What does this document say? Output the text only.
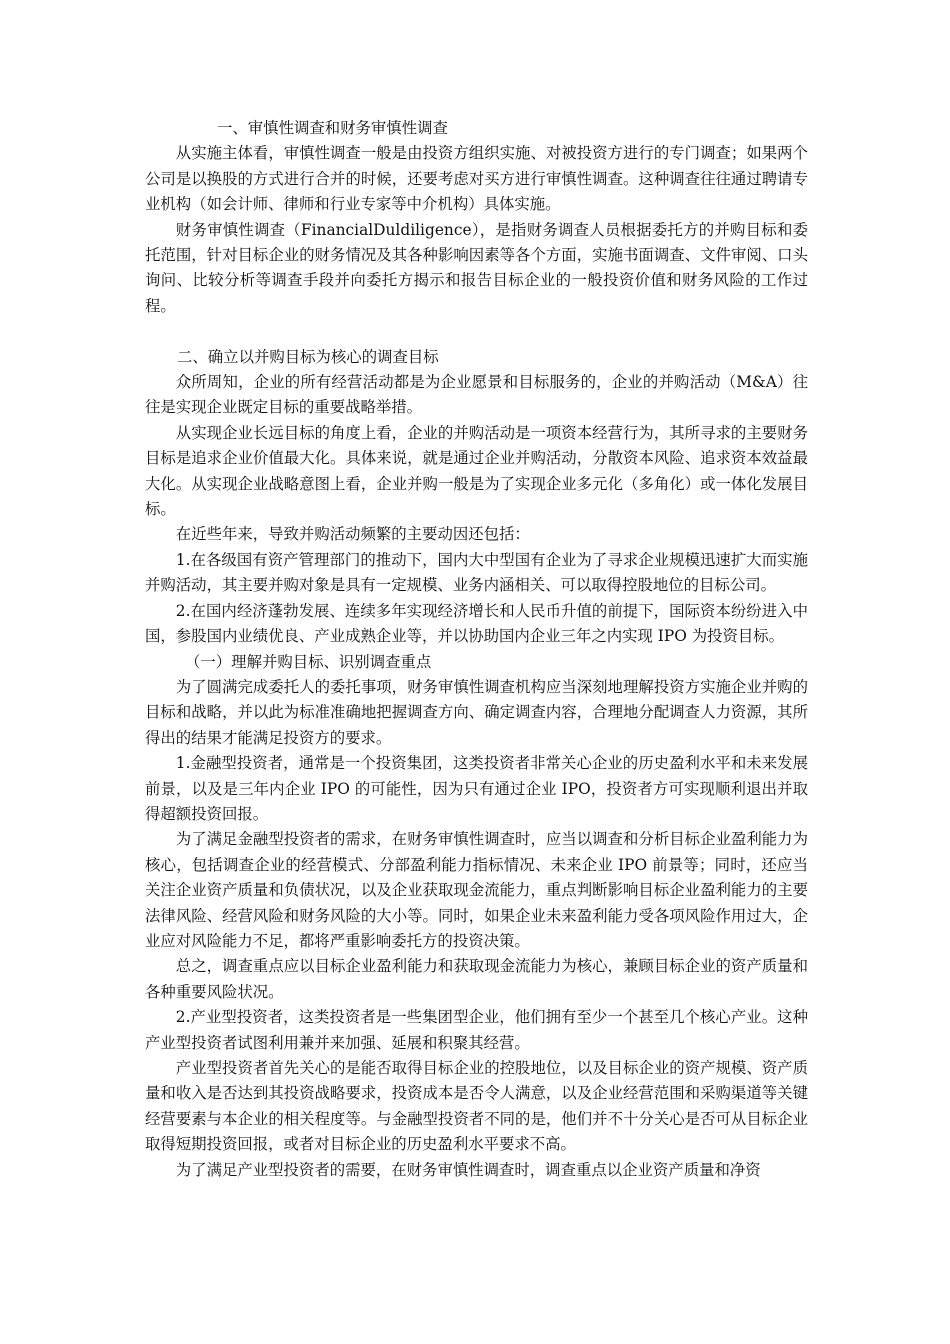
一、审慎性调查和财务审慎性调查

从实施主体看，审慎性调查一般是由投资方组织实施、对被投资方进行的专门调查；如果两个公司是以换股的方式进行合并的时候，还要考虑对买方进行审慎性调查。这种调查往往通过聘请专业机构（如会计师、律师和行业专家等中介机构）具体实施。

财务审慎性调查（FinancialDuldiligence），是指财务调查人员根据委托方的并购目标和委托范围，针对目标企业的财务情况及其各种影响因素等各个方面，实施书面调查、文件审阅、口头询问、比较分析等调查手段并向委托方揭示和报告目标企业的一般投资价值和财务风险的工作过程。

二、确立以并购目标为核心的调查目标

众所周知，企业的所有经营活动都是为企业愿景和目标服务的，企业的并购活动（M&A）往往是实现企业既定目标的重要战略举措。

从实现企业长远目标的角度上看，企业的并购活动是一项资本经营行为，其所寻求的主要财务目标是追求企业价值最大化。具体来说，就是通过企业并购活动，分散资本风险、追求资本效益最大化。从实现企业战略意图上看，企业并购一般是为了实现企业多元化（多角化）或一体化发展目标。

在近些年来，导致并购活动频繁的主要动因还包括：

1.在各级国有资产管理部门的推动下，国内大中型国有企业为了寻求企业规模迅速扩大而实施并购活动，其主要并购对象是具有一定规模、业务内涵相关、可以取得控股地位的目标公司。

2.在国内经济蓬勃发展、连续多年实现经济增长和人民币升值的前提下，国际资本纷纷进入中国，参股国内业绩优良、产业成熟企业等，并以协助国内企业三年之内实现 IPO 为投资目标。

（一）理解并购目标、识别调查重点

为了圆满完成委托人的委托事项，财务审慎性调查机构应当深刻地理解投资方实施企业并购的目标和战略，并以此为标准准确地把握调查方向、确定调查内容，合理地分配调查人力资源，其所得出的结果才能满足投资方的要求。

1.金融型投资者，通常是一个投资集团，这类投资者非常关心企业的历史盈利水平和未来发展前景，以及是三年内企业 IPO 的可能性，因为只有通过企业 IPO，投资者方可实现顺利退出并取得超额投资回报。

为了满足金融型投资者的需求，在财务审慎性调查时，应当以调查和分析目标企业盈利能力为核心，包括调查企业的经营模式、分部盈利能力指标情况、未来企业 IPO 前景等；同时，还应当关注企业资产质量和负债状况，以及企业获取现金流能力，重点判断影响目标企业盈利能力的主要法律风险、经营风险和财务风险的大小等。同时，如果企业未来盈利能力受各项风险作用过大，企业应对风险能力不足，都将严重影响委托方的投资决策。

总之，调查重点应以目标企业盈利能力和获取现金流能力为核心，兼顾目标企业的资产质量和各种重要风险状况。

2.产业型投资者，这类投资者是一些集团型企业，他们拥有至少一个甚至几个核心产业。这种产业型投资者试图利用兼并来加强、延展和积聚其经营。

产业型投资者首先关心的是能否取得目标企业的控股地位，以及目标企业的资产规模、资产质量和收入是否达到其投资战略要求，投资成本是否令人满意，以及企业经营范围和采购渠道等关键经营要素与本企业的相关程度等。与金融型投资者不同的是，他们并不十分关心是否可从目标企业取得短期投资回报，或者对目标企业的历史盈利水平要求不高。

为了满足产业型投资者的需要，在财务审慎性调查时，调查重点以企业资产质量和净资
